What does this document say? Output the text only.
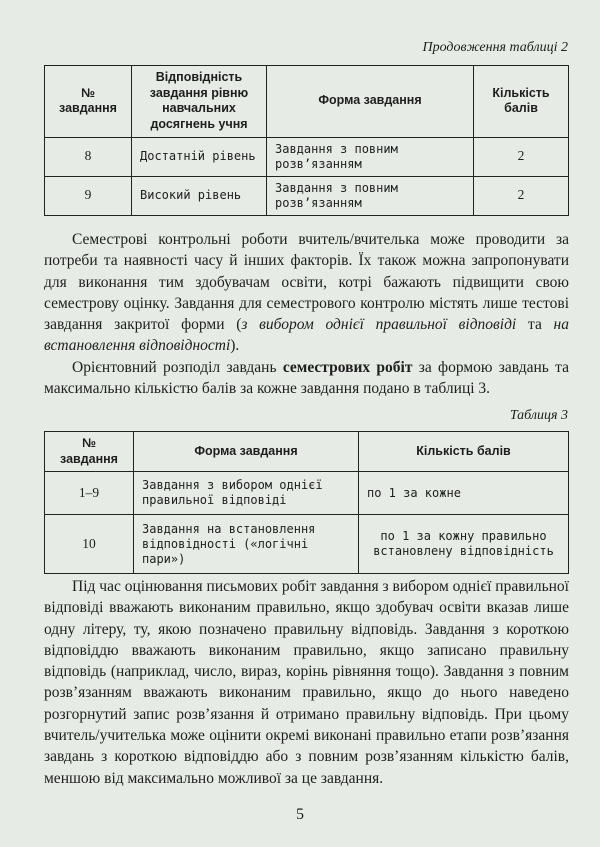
Продовження таблиці 2
№ завдання	Відповідність завдання рівню навчальних досягнень учня	Форма завдання	Кількість балів
8	Достатній рівень	Завдання з повним розв’язанням	2
9	Високий рівень	Завдання з повним розв’язанням	2

Семестрові контрольні роботи вчитель/вчителька може проводити за потреби та наявності часу й інших факторів. Їх також можна запропонувати для виконання тим здобувачам освіти, котрі бажають підвищити свою семестрову оцінку. Завдання для семестрового контролю містять лише тестові завдання закритої форми (з вибором однієї правильної відповіді та на встановлення відповідності).

Орієнтовний розподіл завдань семестрових робіт за формою завдань та максимально кількістю балів за кожне завдання подано в таблиці 3.

Таблиця 3
№ завдання	Форма завдання	Кількість балів
1–9	Завдання з вибором однієї правильної відповіді	по 1 за кожне
10	Завдання на встановлення відповідності («логічні пари»)	по 1 за кожну правильно встановлену відповідність

Під час оцінювання письмових робіт завдання з вибором однієї правильної відповіді вважають виконаним правильно, якщо здобувач освіти вказав лише одну літеру, ту, якою позначено правильну відповідь. Завдання з короткою відповіддю вважають виконаним правильно, якщо записано правильну відповідь (наприклад, число, вираз, корінь рівняння тощо). Завдання з повним розв’язанням вважають виконаним правильно, якщо до нього наведено розгорнутий запис розв’язання й отримано правильну відповідь. При цьому вчитель/учителька може оцінити окремі виконані правильно етапи розв’язання завдань з короткою відповіддю або з повним розв’язанням кількістю балів, меншою від максимально можливої за це завдання.

5
